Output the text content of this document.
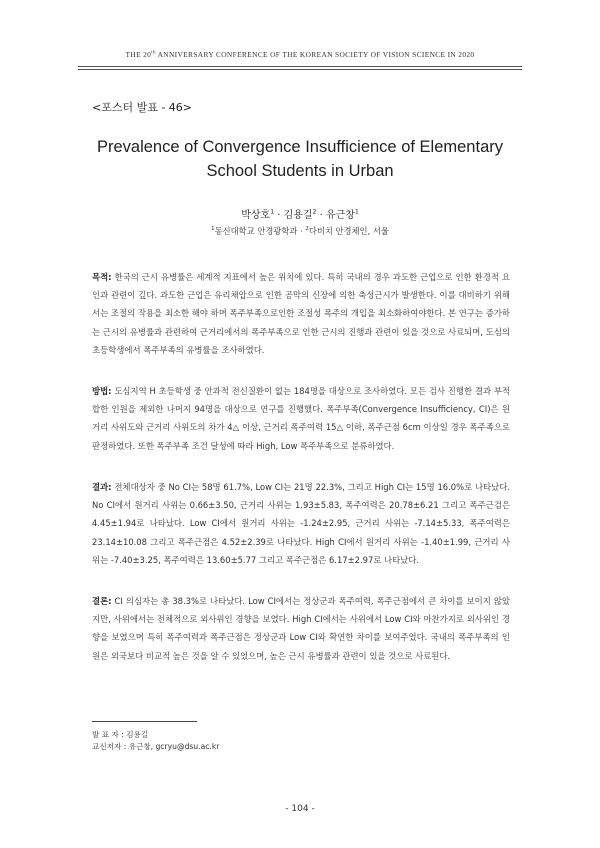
THE 20th ANNIVERSARY CONFERENCE OF THE KOREAN SOCIETY OF VISION SCIENCE IN 2020
<포스터 발표 - 46>
Prevalence of Convergence Insufficience of Elementary
School Students in Urban
박상호$^1$ · 김용길$^2$ · 유근창$^1$
$^1$동신대학교 안경광학과 · $^2$다비치 안경체인, 서울
목적: 한국의 근시 유병률은 세계적 지표에서 높은 위치에 있다. 특히 국내의 경우 과도한 근업으로 인한 환경적 요인과 관련이 깊다. 과도한 근업은 유리체압으로 인한 공막의 신장에 의한 축성근시가 발생한다. 이를 대비하기 위해서는 조절의 작용을 최소한 해야 하며 폭주부족으로인한 조절성 폭주의 개입을 최소화하여야한다. 본 연구는 증가하는 근시의 유병률과 관련하여 근거리에서의 폭주부족으로 인한 근시의 진행과 관련이 있을 것으로 사료되며, 도심의 초등학생에서 폭주부족의 유병률을 조사하였다.
방법: 도심지역 H 초등학생 중 안과적 전신질환이 없는 184명을 대상으로 조사하였다. 모든 검사 진행한 결과 부적합한 인원을 제외한 나머지 94명을 대상으로 연구를 진행했다. 폭주부족(Convergence Insufficiency, CI)은 원거리 사위도와 근거리 사위도의 차가 4△ 이상, 근거리 폭주여력 15△ 이하, 폭주근점 6cm 이상일 경우 폭주족으로 판정하였다. 또한 폭주부족 조건 달성에 따라 High, Low 폭주부족으로 분류하였다.
결과: 전체대상자 중 No CI는 58명 61.7%, Low CI는 21명 22.3%, 그리고 High CI는 15명 16.0%로 나타났다. No CI에서 원거리 사위는 0.66±3.50, 근거리 사위는 1.93±5.83, 폭주여력은 20.78±6.21 그리고 폭주근검은 4.45±1.94로 나타났다. Low CI에서 원거리 사위는 -1.24±2.95, 근거리 사위는 -7.14±5.33, 폭주여력은 23.14±10.08 그리고 폭주근점은 4.52±2.39로 나타났다. High CI에서 원거리 사위는 -1.40±1.99, 근거리 사위는 -7.40±3.25, 폭주여력은 13.60±5.77 그리고 폭주근점은 6.17±2.97로 나타났다.
결론: CI 의심자는 총 38.3%로 나타났다. Low CI에서는 정상군과 폭주여력, 폭주근점에서 큰 차이를 보이지 않았지만, 사위에서는 전체적으로 외사위인 경향을 보였다. High CI에서는 사위에서 Low CI와 마찬가지로 외사위인 경향을 보였으며 특히 폭주여력과 폭주근점은 정상군과 Low CI와 확연한 차이를 보여주었다. 국내의 폭주부족의 인원은 외국보다 비교적 높은 것을 알 수 있었으며, 높은 근시 유병률과 관련이 있을 것으로 사료된다.
발 표 자 : 김용길
교신저자 : 유근창, gcryu@dsu.ac.kr
- 104 -
